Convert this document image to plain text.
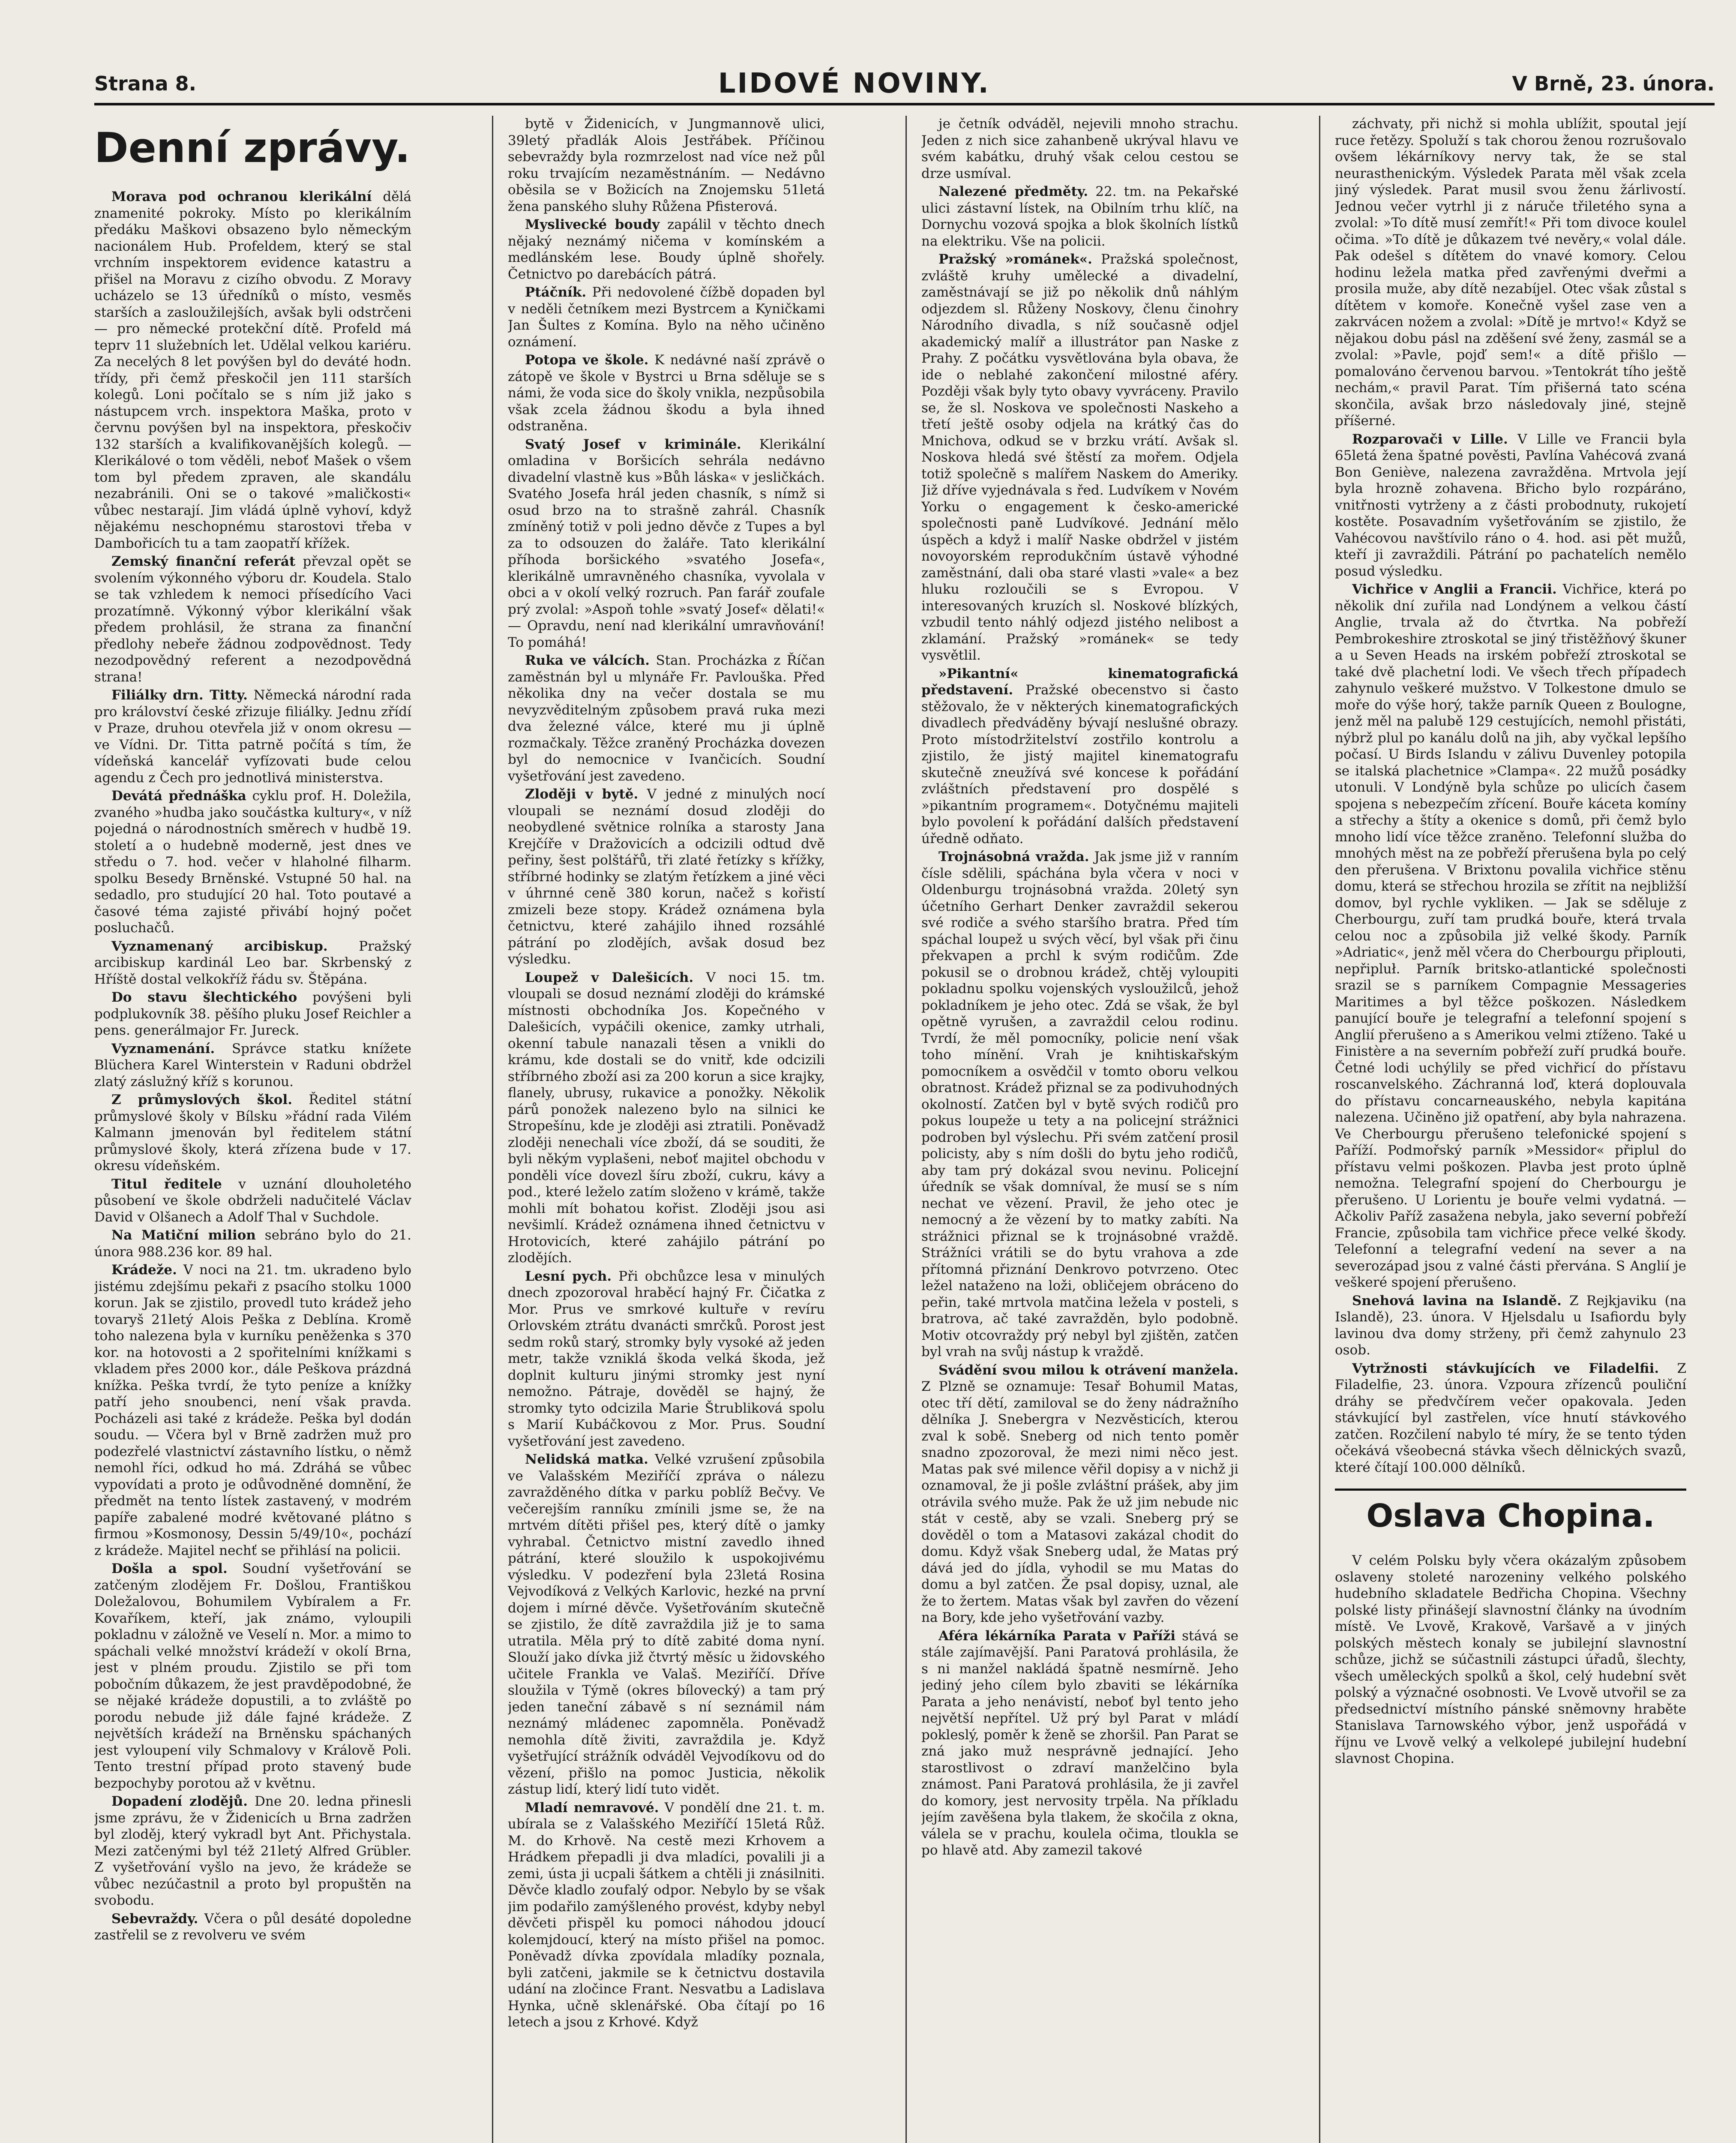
Strana 8.	LIDOVÉ NOVINY.	V Brně, 23. února.
Denní zprávy.

Morava pod ochranou klerikální dělá znamenité pokroky. Místo po klerikálním předáku Maškovi obsazeno bylo německým nacionálem Hub. Profeldem, který se stal vrchním inspektorem evidence katastru a přišel na Moravu z cizího obvodu. Z Moravy ucházelo se 13 úředníků o místo, vesměs starších a zasloužilejších, avšak byli odstrčeni — pro německé protekční dítě. Profeld má teprv 11 služebních let. Udělal velkou kariéru. Za necelých 8 let povýšen byl do deváté hodn. třídy, při čemž přeskočil jen 111 starších kolegů. Loni počítalo se s ním již jako s nástupcem vrch. inspektora Maška, proto v červnu povýšen byl na inspektora, přeskočiv 132 starších a kvalifikovanějších kolegů. — Klerikálové o tom věděli, neboť Mašek o všem tom byl předem zpraven, ale skandálu nezabránili. Oni se o takové »maličkosti« vůbec nestarají. Jim vládá úplně vyhoví, když nějakému neschopnému starostovi třeba v Dambořicích tu a tam zaopatří křížek.

Zemský finanční referát převzal opět se svolením výkonného výboru dr. Koudela. Stalo se tak vzhledem k nemoci přísedícího Vaci prozatímně. Výkonný výbor klerikální však předem prohlásil, že strana za finanční předlohy nebeře žádnou zodpovědnost. Tedy nezodpovědný referent a nezodpovědná strana!

Filiálky drn. Titty. Německá národní rada pro království české zřizuje filiálky. Jednu zřídí v Praze, druhou otevřela již v onom okresu — ve Vídni. Dr. Titta patrně počítá s tím, že vídeňská kancelář vyfízovati bude celou agendu z Čech pro jednotlivá ministerstva.

Devátá přednáška cyklu prof. H. Doležila, zvaného »hudba jako součástka kultury«, v níž pojedná o národnostních směrech v hudbě 19. století a o hudebně moderně, jest dnes ve středu o 7. hod. večer v hlaholné filharm. spolku Besedy Brněnské. Vstupné 50 hal. na sedadlo, pro studující 20 hal. Toto poutavé a časové téma zajisté přivábí hojný počet posluchačů.

Vyznamenaný arcibiskup. Pražský arcibiskup kardinál Leo bar. Skrbenský z Hříště dostal velkokříž řádu sv. Štěpána.

Do stavu šlechtického povýšeni byli podplukovník 38. pěšího pluku Josef Reichler a pens. generálmajor Fr. Jureck.

Vyznamenání. Správce statku knížete Blüchera Karel Winterstein v Raduni obdržel zlatý záslužný kříž s korunou.

Z průmyslových škol. Ředitel státní průmyslové školy v Bílsku »řádní rada Vilém Kalmann jmenován byl ředitelem státní průmyslové školy, která zřízena bude v 17. okresu vídeňském.

Titul ředitele v uznání dlouholetého působení ve škole obdrželi nadučitelé Václav David v Olšanech a Adolf Thal v Suchdole.

Na Matiční milion sebráno bylo do 21. února 988.236 kor. 89 hal.

Krádeže. V noci na 21. tm. ukradeno bylo jistému zdejšímu pekaři z psacího stolku 1000 korun. Jak se zjistilo, provedl tuto krádež jeho tovaryš 21letý Alois Peška z Deblína. Kromě toho nalezena byla v kurníku peněženka s 370 kor. na hotovosti a 2 spořitelními knížkami s vkladem přes 2000 kor., dále Peškova prázdná knížka. Peška tvrdí, že tyto peníze a knížky patří jeho snoubenci, není však pravda. Pocházeli asi také z krádeže. Peška byl dodán soudu. — Včera byl v Brně zadržen muž pro podezřelé vlastnictví zástavního lístku, o němž nemohl říci, odkud ho má. Zdráhá se vůbec vypovídati a proto je odůvodněné domnění, že předmět na tento lístek zastavený, v modrém papíře zabalené modré květované plátno s firmou »Kosmonosy, Dessin 5/49/10«, pochází z krádeže. Majitel nechť se přihlásí na policii.

Došla a spol. Soudní vyšetřování se zatčeným zlodějem Fr. Došlou, Františkou Doležalovou, Bohumilem Vybíralem a Fr. Kovaříkem, kteří, jak známo, vyloupili pokladnu v záložně ve Veselí n. Mor. a mimo to spáchali velké množství krádeží v okolí Brna, jest v plném proudu. Zjistilo se při tom pobočním důkazem, že jest pravděpodobné, že se nějaké krádeže dopustili, a to zvláště po porodu nebude již dále fajné krádeže. Z největších krádeží na Brněnsku spáchaných jest vyloupení vily Schmalovy v Králově Poli. Tento trestní případ proto stavený bude bezpochyby porotou až v květnu.

Dopadení zlodějů. Dne 20. ledna přinesli jsme zprávu, že v Židenicích u Brna zadržen byl zloděj, který vykradl byt Ant. Přichystala. Mezi zatčenými byl též 21letý Alfred Grübler. Z vyšetřování vyšlo na jevo, že krádeže se vůbec nezúčastnil a proto byl propuštěn na svobodu.

Sebevraždy. Včera o půl desáté dopoledne zastřelil se z revolveru ve svém

bytě v Židenicích, v Jungmannově ulici, 39letý přadlák Alois Jestřábek. Příčinou sebevraždy byla rozmrzelost nad více než půl roku trvajícím nezaměstnáním. — Nedávno oběsila se v Božicích na Znojemsku 51letá žena panského sluhy Růžena Pfisterová.

Myslivecké boudy zapálil v těchto dnech nějaký neznámý ničema v komínském a medlánském lese. Boudy úplně shořely. Četnictvo po darebácích pátrá.

Ptáčník. Při nedovolené čížbě dopaden byl v neděli četníkem mezi Bystrcem a Kyničkami Jan Šultes z Komína. Bylo na něho učiněno oznámení.

Potopa ve škole. K nedávné naší zprávě o zátopě ve škole v Bystrci u Brna sděluje se s námi, že voda sice do školy vnikla, nezpůsobila však zcela žádnou škodu a byla ihned odstraněna.

Svatý Josef v kriminále. Klerikální omladina v Boršicích sehrála nedávno divadelní vlastně kus »Bůh láska« v jesličkách. Svatého Josefa hrál jeden chasník, s nímž si osud brzo na to strašně zahrál. Chasník zmíněný totiž v poli jedno děvče z Tupes a byl za to odsouzen do žaláře. Tato klerikální příhoda boršického »svatého Josefa«, klerikálně umravněného chasníka, vyvolala v obci a v okolí velký rozruch. Pan farář zoufale prý zvolal: »Aspoň tohle »svatý Josef« dělati!« — Opravdu, není nad klerikální umravňování! To pomáhá!

Ruka ve válcích. Stan. Procházka z Říčan zaměstnán byl u mlynáře Fr. Pavlouška. Před několika dny na večer dostala se mu nevyzvěditelným způsobem pravá ruka mezi dva železné válce, které mu ji úplně rozmačkaly. Těžce zraněný Procházka dovezen byl do nemocnice v Ivančicích. Soudní vyšetřování jest zavedeno.

Zloději v bytě. V jedné z minulých nocí vloupali se neznámí dosud zloději do neobydlené světnice rolníka a starosty Jana Krejčíře v Dražovicích a odcizili odtud dvě peřiny, šest polštářů, tři zlaté řetízky s křížky, stříbrné hodinky se zlatým řetízkem a jiné věci v úhrnné ceně 380 korun, načež s kořistí zmizeli beze stopy. Krádež oznámena byla četnictvu, které zahájilo ihned rozsáhlé pátrání po zlodějích, avšak dosud bez výsledku.

Loupež v Dalešicích. V noci 15. tm. vloupali se dosud neznámí zloději do krámské místnosti obchodníka Jos. Kopečného v Dalešicích, vypáčili okenice, zamky utrhali, okenní tabule nanazali těsen a vnikli do krámu, kde dostali se do vnitř, kde odcizili stříbrného zboží asi za 200 korun a sice krajky, flanely, ubrusy, rukavice a ponožky. Několik párů ponožek nalezeno bylo na silnici ke Stropešínu, kde je zloději asi ztratili. Poněvadž zloději nenechali více zboží, dá se souditi, že byli někým vyplašeni, neboť majitel obchodu v ponděli více dovezl šíru zboží, cukru, kávy a pod., které leželo zatím složeno v krámě, takže mohli mít bohatou kořist. Zloději jsou asi nevšimlí. Krádež oznámena ihned četnictvu v Hrotovicích, které zahájilo pátrání po zlodějích.

Lesní pych. Při obchůzce lesa v minulých dnech zpozoroval hraběcí hajný Fr. Čičatka z Mor. Prus ve smrkové kultuře v revíru Orlovském ztrátu dvanácti smrčků. Porost jest sedm roků starý, stromky byly vysoké až jeden metr, takže vzniklá škoda velká škoda, jež doplnit kulturu jinými stromky jest nyní nemožno. Pátraje, dověděl se hajný, že stromky tyto odcizila Marie Štrubliková spolu s Marií Kubáčkovou z Mor. Prus. Soudní vyšetřování jest zavedeno.

Nelidská matka. Velké vzrušení způsobila ve Valašském Meziříčí zpráva o nálezu zavražděného dítka v parku poblíž Bečvy. Ve večerejším ranníku zmínili jsme se, že na mrtvém dítěti přišel pes, který dítě o jamky vyhrabal. Četnictvo mistní zavedlo ihned pátrání, které sloužilo k uspokojivému výsledku. V podezření byla 23letá Rosina Vejvodíková z Velkých Karlovic, hezké na první dojem i mírné děvče. Vyšetřováním skutečně se zjistilo, že dítě zavraždila již je to sama utratila. Měla prý to dítě zabité doma nyní. Slouží jako dívka již čtvrtý měsíc u židovského učitele Frankla ve Valaš. Meziříčí. Dříve sloužila v Týmě (okres bílovecký) a tam prý jeden taneční zábavě s ní seznámil nám neznámý mládenec zapomněla. Poněvadž nemohla dítě živiti, zavraždila je. Když vyšetřující strážník odváděl Vejvodíkovu od do vězení, přišlo na pomoc Justicia, několik zástup lidí, který lidí tuto vidět.

Mladí nemravové. V pondělí dne 21. t. m. ubírala se z Valašského Meziříčí 15letá Růž. M. do Krhově. Na cestě mezi Krhovem a Hrádkem přepadli ji dva mladíci, povalili ji a zemi, ústa ji ucpali šátkem a chtěli ji znásilniti. Děvče kladlo zoufalý odpor. Nebylo by se však jim podařilo zamýšleného provést, kdyby nebyl děvčeti přispěl ku pomoci náhodou jdoucí kolemjdoucí, který na místo přišel na pomoc. Poněvadž dívka zpovídala mladíky poznala, byli zatčeni, jakmile se k četnictvu dostavila udání na zločince Frant. Nesvatbu a Ladislava Hynka, učně sklenářské. Oba čítají po 16 letech a jsou z Krhové. Když

je četník odváděl, nejevili mnoho strachu. Jeden z nich sice zahanbeně ukrýval hlavu ve svém kabátku, druhý však celou cestou se drze usmíval.

Nalezené předměty. 22. tm. na Pekařské ulici zástavní lístek, na Obilním trhu klíč, na Dornychu vozová spojka a blok školních lístků na elektriku. Vše na policii.

Pražský »románek«. Pražská společnost, zvláště kruhy umělecké a divadelní, zaměstnávají se již po několik dnů náhlým odjezdem sl. Růženy Noskovy, členu činohry Národního divadla, s níž současně odjel akademický malíř a illustrátor pan Naske z Prahy. Z počátku vysvětlována byla obava, že ide o neblahé zakončení milostné aféry. Později však byly tyto obavy vyvráceny. Pravilo se, že sl. Noskova ve společnosti Naskeho a třetí ještě osoby odjela na krátký čas do Mnichova, odkud se v brzku vrátí. Avšak sl. Noskova hledá své štěstí za mořem. Odjela totiž společně s malířem Naskem do Ameriky. Již dříve vyjednávala s řed. Ludvíkem v Novém Yorku o engagement k česko-americké společnosti paně Ludvíkové. Jednání mělo úspěch a když i malíř Naske obdržel v jistém novoyorském reprodukčním ústavě výhodné zaměstnání, dali oba staré vlasti »vale« a bez hluku rozloučili se s Evropou. V interesovaných kruzích sl. Noskové blízkých, vzbudil tento náhlý odjezd jistého nelibost a zklamání. Pražský »románek« se tedy vysvětlil.

»Pikantní« kinematografická představení. Pražské obecenstvo si často stěžovalo, že v některých kinematografických divadlech předváděny bývají neslušné obrazy. Proto místodržitelství zostřilo kontrolu a zjistilo, že jistý majitel kinematografu skutečně zneužívá své koncese k pořádání zvláštních představení pro dospělé s »pikantním programem«. Dotyčnému majiteli bylo povolení k pořádání dalších představení úředně odňato.

Trojnásobná vražda. Jak jsme již v ranním čísle sdělili, spáchána byla včera v noci v Oldenburgu trojnásobná vražda. 20letý syn účetního Gerhart Denker zavraždil sekerou své rodiče a svého staršího bratra. Před tím spáchal loupež u svých věcí, byl však při činu překvapen a prchl k svým rodičům. Zde pokusil se o drobnou krádež, chtěj vyloupiti pokladnu spolku vojenských vysloužilců, jehož pokladníkem je jeho otec. Zdá se však, že byl opětně vyrušen, a zavraždil celou rodinu. Tvrdí, že měl pomocníky, policie není však toho mínění. Vrah je knihtiskařským pomocníkem a osvědčil v tomto oboru velkou obratnost. Krádež přiznal se za podivuhodných okolností. Zatčen byl v bytě svých rodičů pro pokus loupeže u tety a na policejní strážnici podroben byl výslechu. Při svém zatčení prosil policisty, aby s ním došli do bytu jeho rodičů, aby tam prý dokázal svou nevinu. Policejní úředník se však domníval, že musí se s ním nechat ve vězení. Pravil, že jeho otec je nemocný a že vězení by to matky zabíti. Na strážnici přiznal se k trojnásobné vraždě. Strážníci vrátili se do bytu vrahova a zde přítomná přiznání Denkrovo potvrzeno. Otec ležel nataženo na loži, obličejem obráceno do peřin, také mrtvola matčina ležela v posteli, s bratrova, ač také zavražděn, bylo podobně. Motiv otcovraždy prý nebyl byl zjištěn, zatčen byl vrah na svůj nástup k vraždě.

Svádění svou milou k otrávení manžela. Z Plzně se oznamuje: Tesař Bohumil Matas, otec tří dětí, zamiloval se do ženy nádražního dělníka J. Snebergra v Nezvěsticích, kterou zval k sobě. Sneberg od nich tento poměr snadno zpozoroval, že mezi nimi něco jest. Matas pak své milence věřil dopisy a v nichž ji oznamoval, že ji pošle zvláštní prášek, aby jim otrávila svého muže. Pak že už jim nebude nic stát v cestě, aby se vzali. Sneberg prý se dověděl o tom a Matasovi zakázal chodit do domu. Když však Sneberg udal, že Matas prý dává jed do jídla, vyhodil se mu Matas do domu a byl zatčen. Že psal dopisy, uznal, ale že to žertem. Matas však byl zavřen do vězení na Bory, kde jeho vyšetřování vazby.

Aféra lékárníka Parata v Paříži stává se stále zajímavější. Pani Paratová prohlásila, že s ni manžel nakládá špatně nesmírně. Jeho jediný jeho cílem bylo zbaviti se lékárníka Parata a jeho nenávistí, neboť byl tento jeho největší nepřítel. Už prý byl Parat v mládí pokleslý, poměr k ženě se zhoršil. Pan Parat se zná jako muž nesprávně jednající. Jeho starostlivost o zdraví manželčino byla známost. Pani Paratová prohlásila, že ji zavřel do komory, jest nervosity trpěla. Na příkladu jejím zavěšena byla tlakem, že skočila z okna, válela se v prachu, koulela očima, tloukla se po hlavě atd. Aby zamezil takové

záchvaty, při nichž si mohla ublížit, spoutal její ruce řetězy. Spoluží s tak chorou ženou rozrušovalo ovšem lékárníkovy nervy tak, že se stal neurasthenickým. Výsledek Parata měl však zcela jiný výsledek. Parat musil svou ženu žárlivostí. Jednou večer vytrhl ji z náruče třiletého syna a zvolal: »To dítě musí zemřít!« Při tom divoce koulel očima. »To dítě je důkazem tvé nevěry,« volal dále. Pak odešel s dítětem do vnavé komory. Celou hodinu ležela matka před zavřenými dveřmi a prosila muže, aby dítě nezabíjel. Otec však zůstal s dítětem v komoře. Konečně vyšel zase ven a zakrvácen nožem a zvolal: »Dítě je mrtvo!« Když se nějakou dobu pásl na zděšení své ženy, zasmál se a zvolal: »Pavle, pojď sem!« a dítě přišlo — pomalováno červenou barvou. »Tentokrát tího ještě nechám,« pravil Parat. Tím přišerná tato scéna skončila, avšak brzo následovaly jiné, stejně příšerné.

Rozparovači v Lille. V Lille ve Francii byla 65letá žena špatné pověsti, Pavlína Vahécová zvaná Bon Geniève, nalezena zavražděna. Mrtvola její byla hrozně zohavena. Břicho bylo rozpáráno, vnitřnosti vytrženy a z části probodnuty, rukojetí kostěte. Posavadním vyšetřováním se zjistilo, že Vahécovou navštívilo ráno o 4. hod. asi pět mužů, kteří ji zavraždili. Pátrání po pachatelích nemělo posud výsledku.

Vichřice v Anglii a Francii. Vichřice, která po několik dní zuřila nad Londýnem a velkou částí Anglie, trvala až do čtvrtka. Na pobřeží Pembrokeshire ztroskotal se jiný třistěžňový škuner a u Seven Heads na irském pobřeží ztroskotal se také dvě plachetní lodi. Ve všech třech případech zahynulo veškeré mužstvo. V Tolkestone dmulo se moře do výše horý, takže parník Queen z Boulogne, jenž měl na palubě 129 cestujících, nemohl přistáti, nýbrž plul po kanálu dolů na jih, aby vyčkal lepšího počasí. U Birds Islandu v zálivu Duvenley potopila se italská plachetnice »Clampa«. 22 mužů posádky utonuli. V Londýně byla schůze po ulicích časem spojena s nebezpečím zřícení. Bouře káceta komíny a střechy a štíty a okenice s domů, při čemž bylo mnoho lidí více těžce zraněno. Telefonní služba do mnohých měst na ze pobřeží přerušena byla po celý den přerušena. V Brixtonu povalila vichřice stěnu domu, která se střechou hrozila se zřítit na nejbližší domov, byl rychle vykliken. — Jak se sděluje z Cherbourgu, zuří tam prudká bouře, která trvala celou noc a způsobila již velké škody. Parník »Adriatic«, jenž měl včera do Cherbourgu připlouti, nepřipluł. Parník britsko-atlantické společnosti srazil se s parníkem Compagnie Messageries Maritimes a byl těžce poškozen. Následkem panující bouře je telegrafní a telefonní spojení s Anglií přerušeno a s Amerikou velmi ztíženo. Také u Finistère a na severním pobřeží zuří prudká bouře. Četné lodi uchýlily se před vichřicí do přístavu roscanvelského. Záchranná loď, která doplouvala do přístavu concarneauského, nebyla kapitána nalezena. Učiněno již opatření, aby byla nahrazena. Ve Cherbourgu přerušeno telefonické spojení s Paříží. Podmořský parník »Messidor« připlul do přístavu velmi poškozen. Plavba jest proto úplně nemožna. Telegrafní spojení do Cherbourgu je přerušeno. U Lorientu je bouře velmi vydatná. — Ačkoliv Paříž zasažena nebyla, jako severní pobřeží Francie, způsobila tam vichřice přece velké škody. Telefonní a telegrafní vedení na sever a na severozápad jsou z valné části přervána. S Anglií je veškeré spojení přerušeno.

Snehová lavina na Islandě. Z Rejkjaviku (na Islandě), 23. února. V Hjelsdalu u Isafiordu byly lavinou dva domy strženy, při čemž zahynulo 23 osob.

Vytržnosti stávkujících ve Filadelfii. Z Filadelfie, 23. února. Vzpoura zřízenců pouliční dráhy se předvčírem večer opakovala. Jeden stávkující byl zastřelen, více hnutí stávkového zatčen. Rozčilení nabylo té míry, že se tento týden očekává všeobecná stávka všech dělnických svazů, které čítají 100.000 dělníků.

Oslava Chopina.

V celém Polsku byly včera okázalým způsobem oslaveny stoleté narozeniny velkého polského hudebního skladatele Bedřicha Chopina. Všechny polské listy přinášejí slavnostní články na úvodním místě. Ve Lvově, Krakově, Varšavě a v jiných polských městech konaly se jubilejní slavnostní schůze, jichž se súčastnili zástupci úřadů, šlechty, všech uměleckých spolků a škol, celý hudební svět polský a význačné osobnosti. Ve Lvově utvořil se za předsednictví místního pánské sněmovny hraběte Stanislava Tarnowského výbor, jenž uspořádá v říjnu ve Lvově velký a velkolepé jubilejní hudební slavnost Chopina.
